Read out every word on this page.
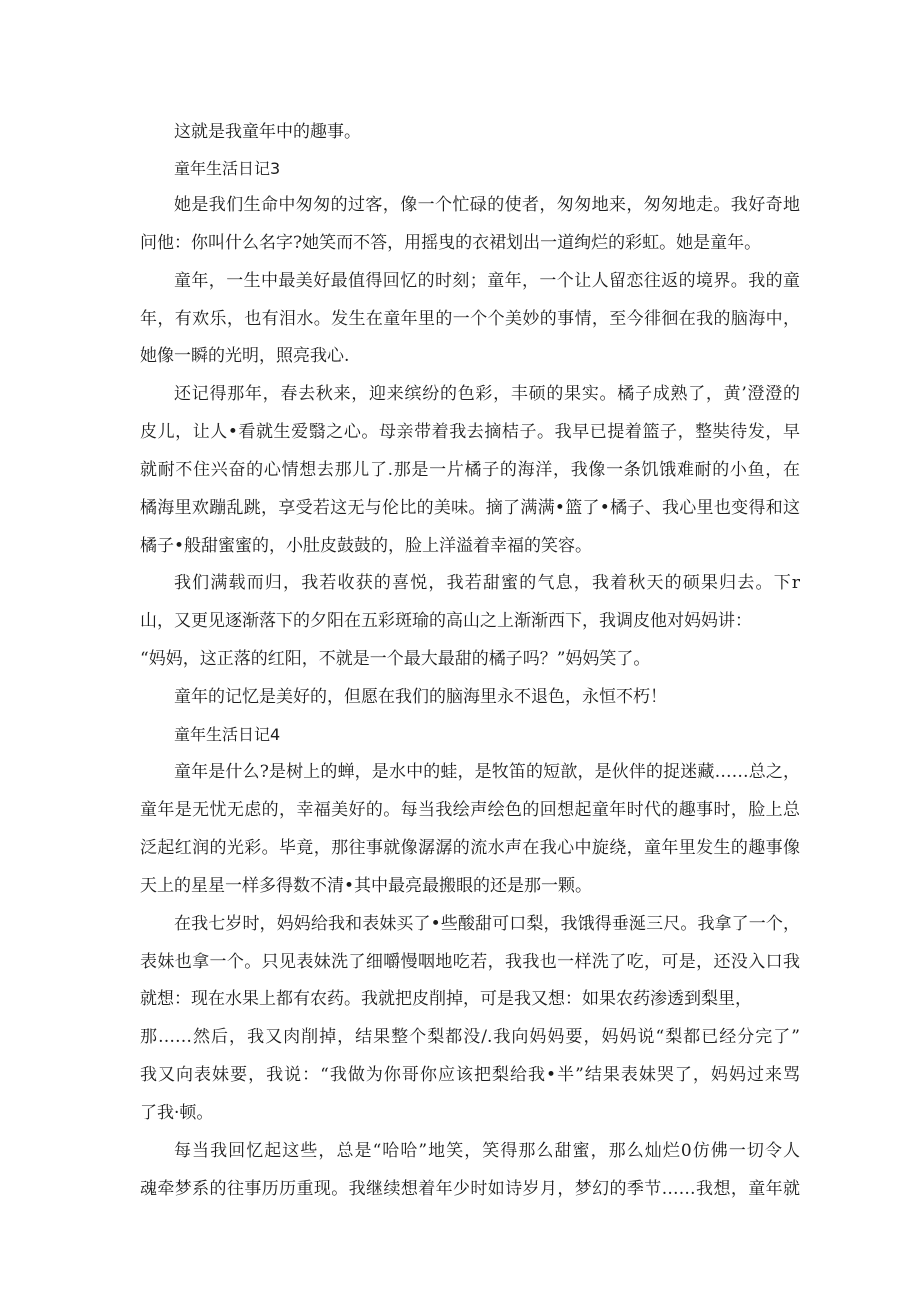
这就是我童年中的趣事。
童年生活日记3
她是我们生命中匆匆的过客，像一个忙碌的使者，匆匆地来，匆匆地走。我好奇地
问他：你叫什么名字?她笑而不答，用摇曳的衣裙划出一道绚烂的彩虹。她是童年。
童年，一生中最美好最值得回忆的时刻；童年，一个让人留恋往返的境界。我的童
年，有欢乐，也有泪水。发生在童年里的一个个美妙的事情，至今徘徊在我的脑海中，
她像一瞬的光明，照亮我心.
还记得那年，春去秋来，迎来缤纷的色彩，丰硕的果实。橘子成熟了，黄’澄澄的
皮儿，让人•看就生爱翳之心。母亲带着我去摘桔子。我早已提着篮子，整奘待发，早
就耐不住兴奋的心情想去那儿了.那是一片橘子的海洋，我像一条饥饿难耐的小鱼，在
橘海里欢蹦乱跳，享受若这无与伦比的美味。摘了满满•篮了•橘子、我心里也变得和这
橘子•般甜蜜蜜的，小肚皮鼓鼓的，脸上洋溢着幸福的笑容。
我们满载而归，我若收获的喜悦，我若甜蜜的气息，我着秋天的硕果归去。下r
山，又更见逐渐落下的夕阳在五彩斑瑜的高山之上渐渐西下，我调皮他对妈妈讲：
“妈妈，这正落的红阳，不就是一个最大最甜的橘子吗？”妈妈笑了。
童年的记忆是美好的，但愿在我们的脑海里永不退色，永恒不朽！
童年生活日记4
童年是什么?是树上的蝉，是水中的蛙，是牧笛的短歆，是伙伴的捉迷藏……总之，
童年是无忧无虑的，幸福美好的。每当我绘声绘色的回想起童年时代的趣事时，脸上总
泛起红润的光彩。毕竟，那往事就像潺潺的流水声在我心中旋绕，童年里发生的趣事像
天上的星星一样多得数不清•其中最亮最搬眼的还是那一颗。
在我七岁时，妈妈给我和表妹买了•些酸甜可口梨，我饿得垂涎三尺。我拿了一个，
表妹也拿一个。只见表妹洗了细嚼慢咽地吃若，我我也一样洗了吃，可是，还没入口我
就想：现在水果上都有农药。我就把皮削掉，可是我又想：如果农药渗透到梨里，
那……然后，我又肉削掉，结果整个梨都没/.我向妈妈要，妈妈说“梨都已经分完了”
我又向表妹要，我说：“我做为你哥你应该把梨给我•半”结果表妹哭了，妈妈过来骂
了我·顿。
每当我回忆起这些，总是“哈哈”地笑，笑得那么甜蜜，那么灿烂0仿佛一切令人
魂牵梦系的往事历历重现。我继续想着年少时如诗岁月，梦幻的季节……我想，童年就
